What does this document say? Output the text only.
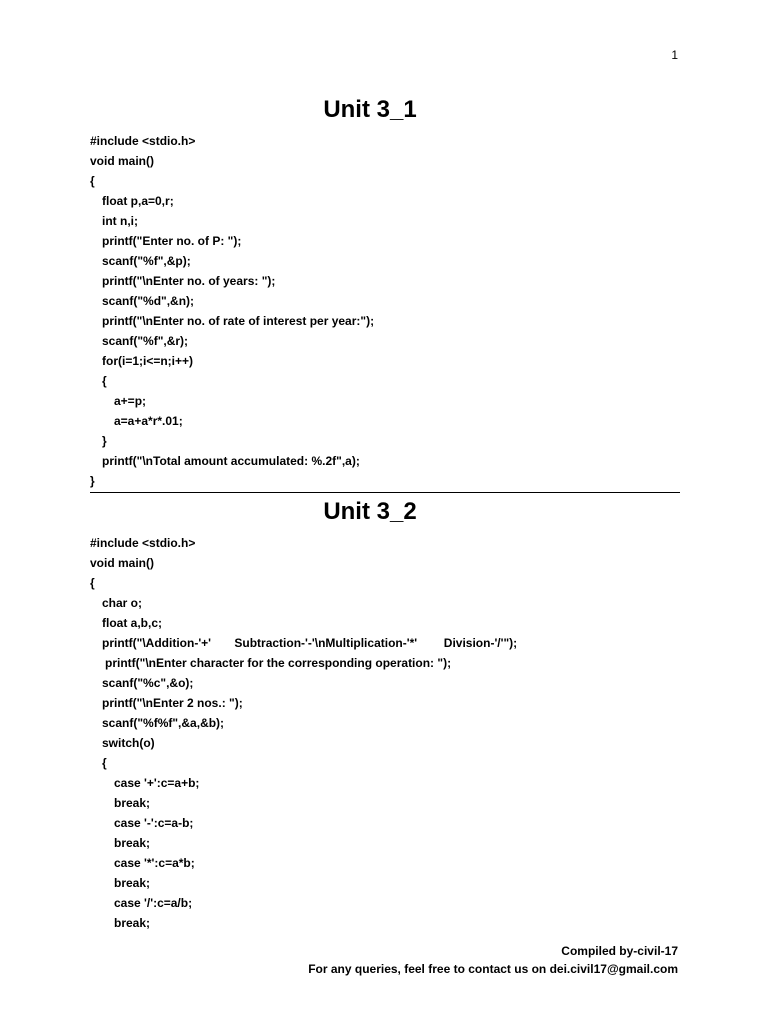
1
Unit 3_1
#include <stdio.h>
void main()
{
float p,a=0,r;
int n,i;
printf("Enter no. of P: ");
scanf("%f",&p);
printf("\nEnter no. of years: ");
scanf("%d",&n);
printf("\nEnter no. of rate of interest per year:");
scanf("%f",&r);
for(i=1;i<=n;i++)
{
a+=p;
a=a+a*r*.01;
}
printf("\nTotal amount accumulated: %.2f",a);
}
Unit 3_2
#include <stdio.h>
void main()
{
char o;
float a,b,c;
printf("\Addition-'+'       Subtraction-'-'\nMultiplication-'*'        Division-'/'");
printf("\nEnter character for the corresponding operation: ");
scanf("%c",&o);
printf("\nEnter 2 nos.: ");
scanf("%f%f",&a,&b);
switch(o)
{
case '+':c=a+b;
break;
case '-':c=a-b;
break;
case '*':c=a*b;
break;
case '/':c=a/b;
break;
Compiled by-civil-17
For any queries, feel free to contact us on dei.civil17@gmail.com
